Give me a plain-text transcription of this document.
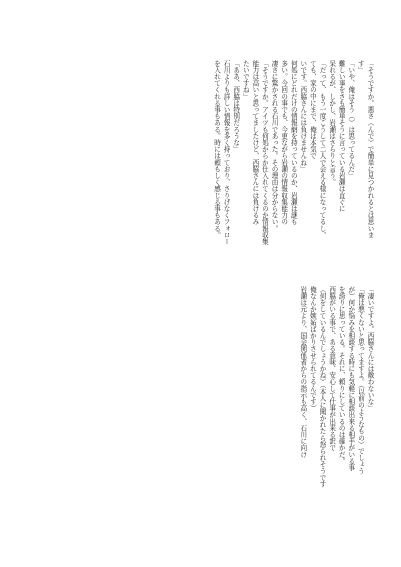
「そうですか。悪さ（んで）で簡単に見つかれるとは思いま
す」
「いや、俺はそう（）は思ってるんだ」
難しい事をさも簡単そうに言っている岩瀬は直ぐに
呆れるが、しかし、岩瀬はさらりと言う。
「だって、もう一度こうして二人で会える様になってるし、
ても、家の中にまで、俺は本気で
いです。西脇さんには負けませんね」
何処にどれだけの情報網を持っているのか、岩瀬は謎も
多い。今回の事でも、今更ながら岩瀬の情報収集能力の
凄さに驚かされる石川であった。その理由は分からない。
「そうですか。アイツも何処からか仕入れてくるのか情報収集
能力は高いと思ってましたけど、西脇さんには負けるみ
たいですね」
「ああ、西脇は特別だろうな」
石川よりも詳しい情報を多く持っており、さりげなくフォロー
を入れてくれる事もある。時には頼もしく感じる事もある。
「凄いですよ。西脇さんには敵わないな」
「俺は悪くないと思ってますよ。（以前のようなもの）でしょう
が）何か悩みを相談する時にも気軽に相談出来る相手がいる事
を誇りに思っている。それに、頼りにしているのは確かだ。
西脇がいる事で、ある意味、安心して仕事が出来る訳で
（何をしているんでしょうかね）（本人に聞かれたら怒られそうです
俺なんか嫉妬ばかりさせられてるんです）
岩瀬は元より、国会関係者からの指示も高く、石川に向け
